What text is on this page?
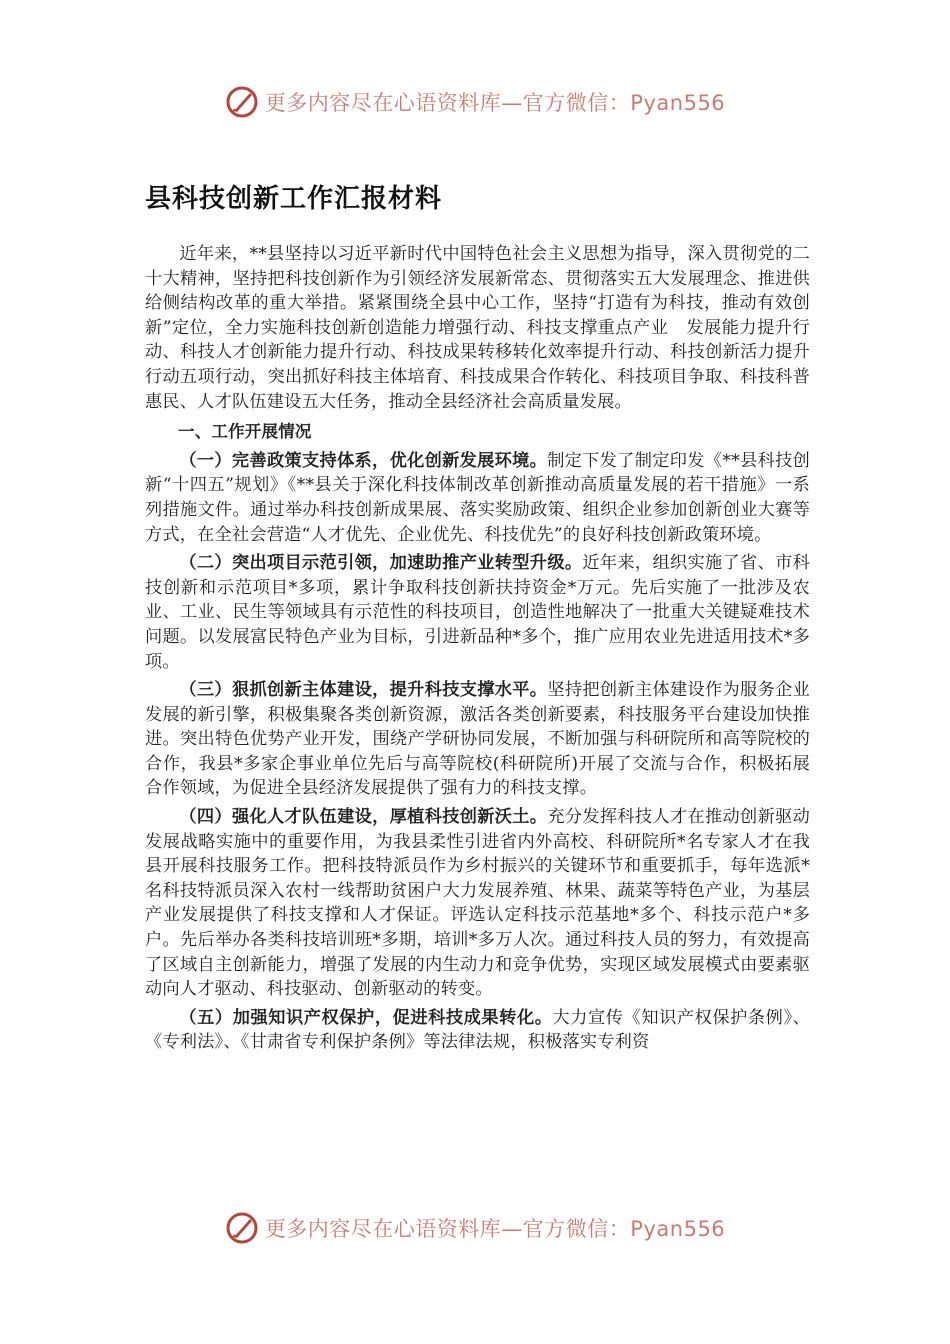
更多内容尽在心语资料库—官方微信：Pyan556
县科技创新工作汇报材料

近年来，**县坚持以习近平新时代中国特色社会主义思想为指导，深入贯彻党的二十大精神，坚持把科技创新作为引领经济发展新常态、贯彻落实五大发展理念、推进供给侧结构改革的重大举措。紧紧围绕全县中心工作，坚持“打造有为科技，推动有效创新”定位，全力实施科技创新创造能力增强行动、科技支撑重点产业　发展能力提升行动、科技人才创新能力提升行动、科技成果转移转化效率提升行动、科技创新活力提升行动五项行动，突出抓好科技主体培育、科技成果合作转化、科技项目争取、科技科普惠民、人才队伍建设五大任务，推动全县经济社会高质量发展。

一、工作开展情况

（一）完善政策支持体系，优化创新发展环境。制定下发了制定印发《**县科技创新“十四五”规划》《**县关于深化科技体制改革创新推动高质量发展的若干措施》一系列措施文件。通过举办科技创新成果展、落实奖励政策、组织企业参加创新创业大赛等方式，在全社会营造“人才优先、企业优先、科技优先”的良好科技创新政策环境。

（二）突出项目示范引领，加速助推产业转型升级。近年来，组织实施了省、市科技创新和示范项目*多项，累计争取科技创新扶持资金*万元。先后实施了一批涉及农业、工业、民生等领域具有示范性的科技项目，创造性地解决了一批重大关键疑难技术问题。以发展富民特色产业为目标，引进新品种*多个，推广应用农业先进适用技术*多项。

（三）狠抓创新主体建设，提升科技支撑水平。坚持把创新主体建设作为服务企业发展的新引擎，积极集聚各类创新资源，激活各类创新要素，科技服务平台建设加快推进。突出特色优势产业开发，围绕产学研协同发展，不断加强与科研院所和高等院校的合作，我县*多家企事业单位先后与高等院校(科研院所)开展了交流与合作，积极拓展合作领域，为促进全县经济发展提供了强有力的科技支撑。

（四）强化人才队伍建设，厚植科技创新沃土。充分发挥科技人才在推动创新驱动发展战略实施中的重要作用，为我县柔性引进省内外高校、科研院所*名专家人才在我县开展科技服务工作。把科技特派员作为乡村振兴的关键环节和重要抓手，每年选派*名科技特派员深入农村一线帮助贫困户大力发展养殖、林果、蔬菜等特色产业，为基层产业发展提供了科技支撑和人才保证。评选认定科技示范基地*多个、科技示范户*多户。先后举办各类科技培训班*多期，培训*多万人次。通过科技人员的努力，有效提高了区域自主创新能力，增强了发展的内生动力和竞争优势，实现区域发展模式由要素驱动向人才驱动、科技驱动、创新驱动的转变。

（五）加强知识产权保护，促进科技成果转化。大力宣传《知识产权保护条例》、《专利法》、《甘肃省专利保护条例》等法律法规，积极落实专利资

更多内容尽在心语资料库—官方微信：Pyan556
